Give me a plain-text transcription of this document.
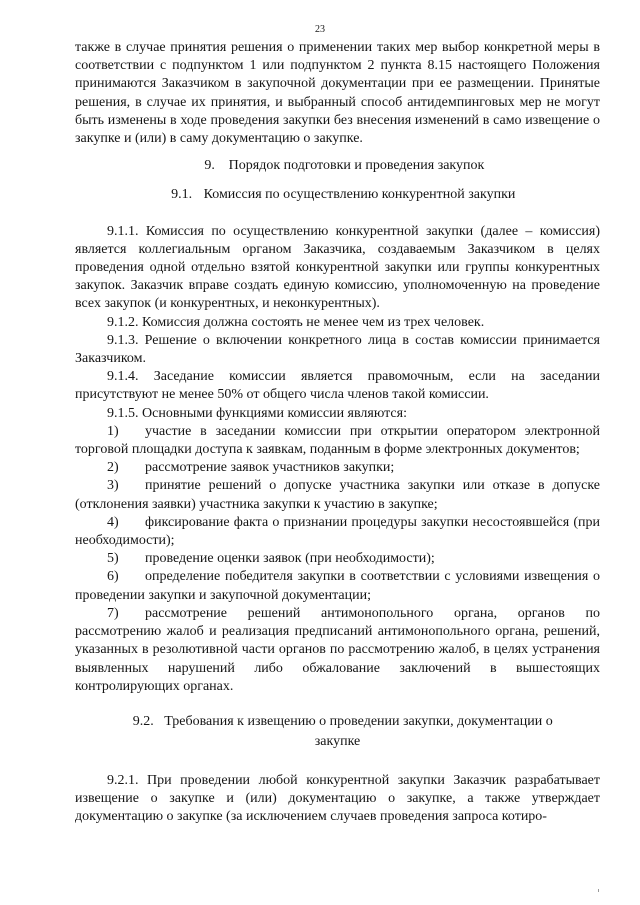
23

также в случае принятия решения о применении таких мер выбор конкретной меры в соответствии с подпунктом 1 или подпунктом 2 пункта 8.15 настоящего Положения принимаются Заказчиком в закупочной документации при ее размещении. Принятые решения, в случае их принятия, и выбранный способ антидемпинговых мер не могут быть изменены в ходе проведения закупки без внесения изменений в само извещение о закупке и (или) в саму документацию о закупке.

9. Порядок подготовки и проведения закупок

9.1. Комиссия по осуществлению конкурентной закупки

9.1.1. Комиссия по осуществлению конкурентной закупки (далее – комиссия) является коллегиальным органом Заказчика, создаваемым Заказчиком в целях проведения одной отдельно взятой конкурентной закупки или группы конкурентных закупок. Заказчик вправе создать единую комиссию, уполномоченную на проведение всех закупок (и конкурентных, и неконкурентных).

9.1.2. Комиссия должна состоять не менее чем из трех человек.

9.1.3. Решение о включении конкретного лица в состав комиссии принимается Заказчиком.

9.1.4. Заседание комиссии является правомочным, если на заседании присутствуют не менее 50% от общего числа членов такой комиссии.

9.1.5. Основными функциями комиссии являются:

1) участие в заседании комиссии при открытии оператором электронной торговой площадки доступа к заявкам, поданным в форме электронных документов;

2) рассмотрение заявок участников закупки;

3) принятие решений о допуске участника закупки или отказе в допуске (отклонения заявки) участника закупки к участию в закупке;

4) фиксирование факта о признании процедуры закупки несостоявшейся (при необходимости);

5) проведение оценки заявок (при необходимости);

6) определение победителя закупки в соответствии с условиями извещения о проведении закупки и закупочной документации;

7) рассмотрение решений антимонопольного органа, органов по рассмотрению жалоб и реализация предписаний антимонопольного органа, решений, указанных в резолютивной части органов по рассмотрению жалоб, в целях устранения выявленных нарушений либо обжалование заключений в вышестоящих контролирующих органах.

9.2. Требования к извещению о проведении закупки, документации о
закупке

9.2.1. При проведении любой конкурентной закупки Заказчик разрабатывает извещение о закупке и (или) документацию о закупке, а также утверждает документацию о закупке (за исключением случаев проведения запроса котиро-
